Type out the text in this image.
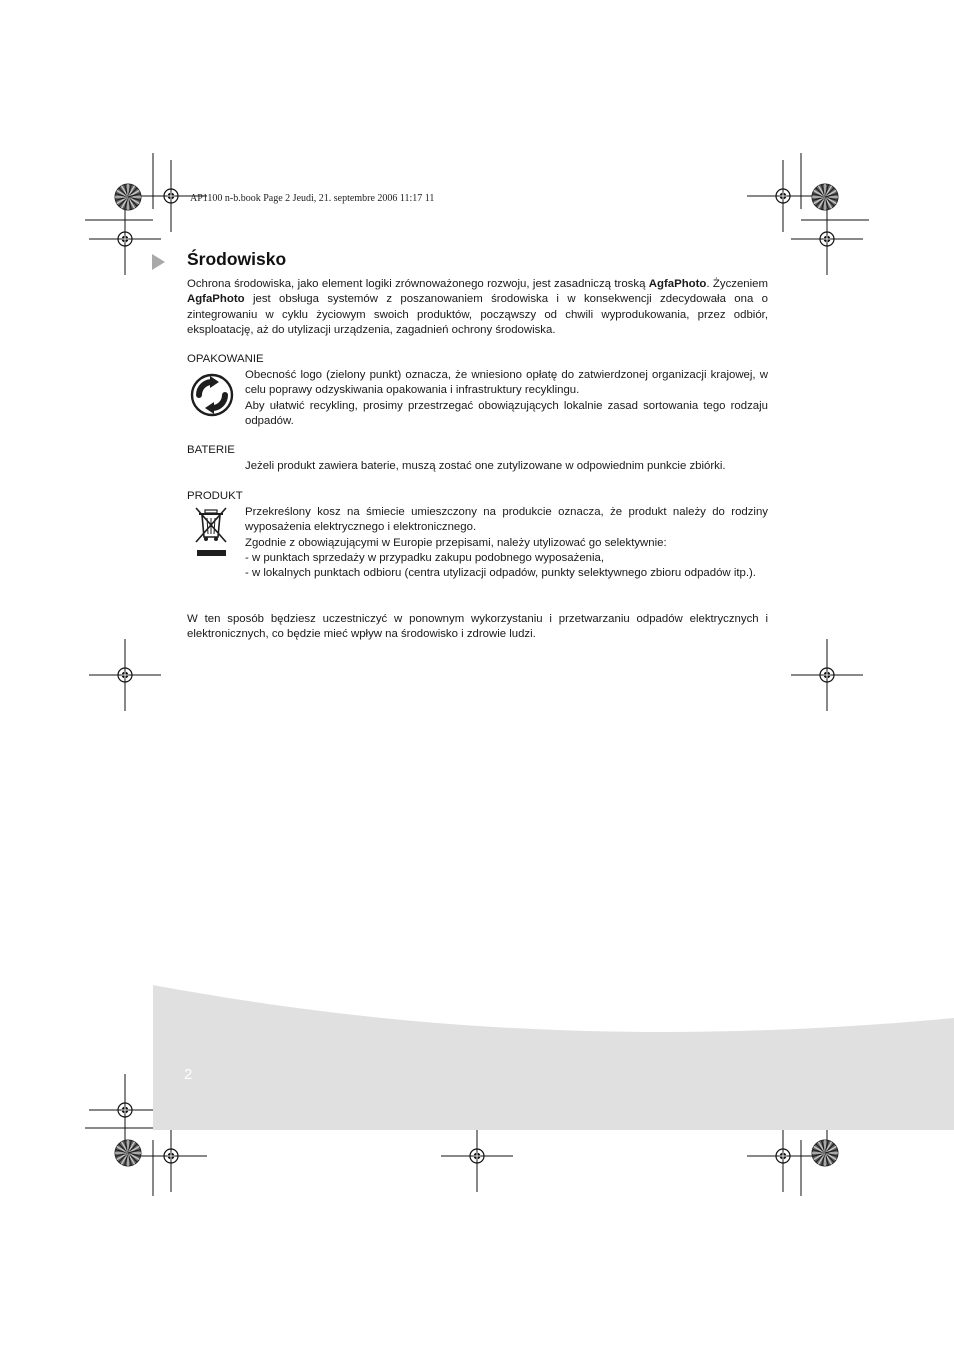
AP1100 n-b.book Page 2 Jeudi, 21. septembre 2006 11:17 11
Środowisko
Ochrona środowiska, jako element logiki zrównoważonego rozwoju, jest zasadniczą troską AgfaPhoto. Życzeniem AgfaPhoto jest obsługa systemów z poszanowaniem środowiska i w konsekwencji zdecydowała ona o zintegrowaniu w cyklu życiowym swoich produktów, począwszy od chwili wyprodukowania, przez odbiór, eksploatację, aż do utylizacji urządzenia, zagadnień ochrony środowiska.
OPAKOWANIE
Obecność logo (zielony punkt) oznacza, że wniesiono opłatę do zatwierdzonej organizacji krajowej, w celu poprawy odzyskiwania opakowania i infrastruktury recyklingu.
Aby ułatwić recykling, prosimy przestrzegać obowiązujących lokalnie zasad sortowania tego rodzaju odpadów.
BATERIE
Jeżeli produkt zawiera baterie, muszą zostać one zutylizowane w odpowiednim punkcie zbiórki.
PRODUKT
Przekreślony kosz na śmiecie umieszczony na produkcie oznacza, że produkt należy do rodziny wyposażenia elektrycznego i elektronicznego.
Zgodnie z obowiązującymi w Europie przepisami, należy utylizować go selektywnie:
- w punktach sprzedaży w przypadku zakupu podobnego wyposażenia,
- w lokalnych punktach odbioru (centra utylizacji odpadów, punkty selektywnego zbioru odpadów itp.).
W ten sposób będziesz uczestniczyć w ponownym wykorzystaniu i przetwarzaniu odpadów elektrycznych i elektronicznych, co będzie mieć wpływ na środowisko i zdrowie ludzi.
2
